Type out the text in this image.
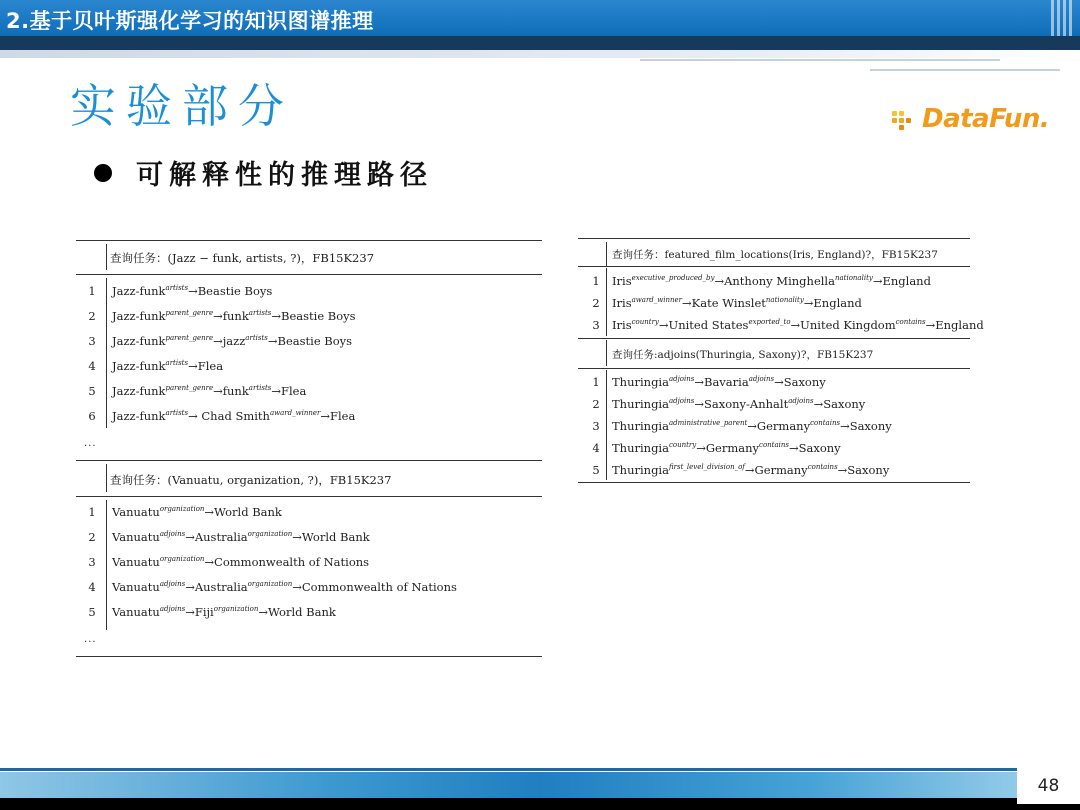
2.基于贝叶斯强化学习的知识图谱推理
实验部分	DataFun.
可解释性的推理路径
查询任务：(Jazz − funk, artists, ?)，FB15K237
1	Jazz-funk$^{artists}$→Beastie Boys
2	Jazz-funk$^{parent\_genre}$→funk$^{artists}$→Beastie Boys
3	Jazz-funk$^{parent\_genre}$→jazz$^{artists}$→Beastie Boys
4	Jazz-funk$^{artists}$→Flea
5	Jazz-funk$^{parent\_genre}$→funk$^{artists}$→Flea
6	Jazz-funk$^{artists}$→ Chad Smith$^{award\_winner}$→Flea
...
查询任务：(Vanuatu, organization, ?)，FB15K237
1	Vanuatu$^{organization}$→World Bank
2	Vanuatu$^{adjoins}$→Australia$^{organization}$→World Bank
3	Vanuatu$^{organization}$→Commonwealth of Nations
4	Vanuatu$^{adjoins}$→Australia$^{organization}$→Commonwealth of Nations
5	Vanuatu$^{adjoins}$→Fiji$^{organization}$→World Bank
...
查询任务：featured_film_locations(Iris, England)?，FB15K237
1	Iris$^{executive\_produced\_by}$→Anthony Minghella$^{nationality}$→England
2	Iris$^{award\_winner}$→Kate Winslet$^{nationality}$→England
3	Iris$^{country}$→United States$^{exported\_to}$→United Kingdom$^{contains}$→England
查询任务:adjoins(Thuringia, Saxony)?，FB15K237
1	Thuringia$^{adjoins}$→Bavaria$^{adjoins}$→Saxony
2	Thuringia$^{adjoins}$→Saxony-Anhalt$^{adjoins}$→Saxony
3	Thuringia$^{administrative\_parent}$→Germany$^{contains}$→Saxony
4	Thuringia$^{country}$→Germany$^{contains}$→Saxony
5	Thuringia$^{first\_level\_division\_of}$→Germany$^{contains}$→Saxony
48
